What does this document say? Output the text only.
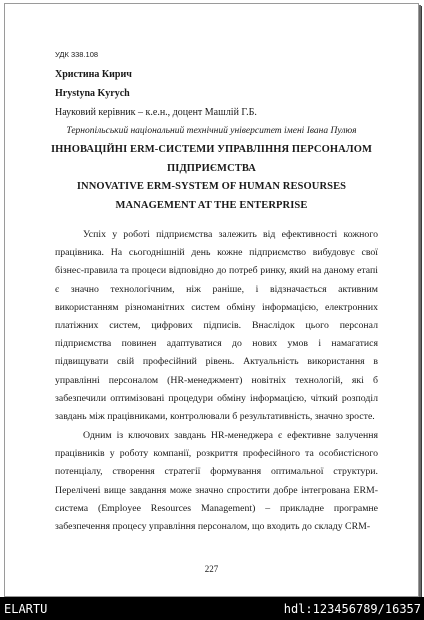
УДК 338.108
Христина Кирич
Hrystyna Kyrych
Науковий керівник – к.е.н., доцент Машлій Г.Б.
Тернопільський національний технічний університет імені Івана Пулюя
ІННОВАЦІЙНІ ERM-СИСТЕМИ УПРАВЛІННЯ ПЕРСОНАЛОМ
ПІДПРИЄМСТВА
INNOVATIVE ERM-SYSTEM OF HUMAN RESOURSES
MANAGEMENT AT THE ENTERPRISE
Успіх у роботі підприємства залежить від ефективності кожного працівника. На сьогоднішній день кожне підприємство вибудовує свої бізнес-правила та процеси відповідно до потреб ринку, який на даному етапі є значно технологічним, ніж раніше, і відзначається активним використанням різноманітних систем обміну інформацією, електронних платіжних систем, цифрових підписів. Внаслідок цього персонал підприємства повинен адаптуватися до нових умов і намагатися підвищувати свій професійний рівень. Актуальність використання в управлінні персоналом (HR-менеджмент) новітніх технологій, які б забезпечили оптимізовані процедури обміну інформацією, чіткий розподіл завдань між працівниками, контролювали б результативність, значно зросте.
Одним із ключових завдань HR-менеджера є ефективне залучення працівників у роботу компанії, розкриття професійного та особистісного потенціалу, створення стратегії формування оптимальної структури. Перелічені вище завдання може значно спростити добре інтегрована ERM-система (Employee Resources Management) – прикладне програмне забезпечення процесу управління персоналом, що входить до складу CRM-
227
ELARTU	hdl:123456789/16357
